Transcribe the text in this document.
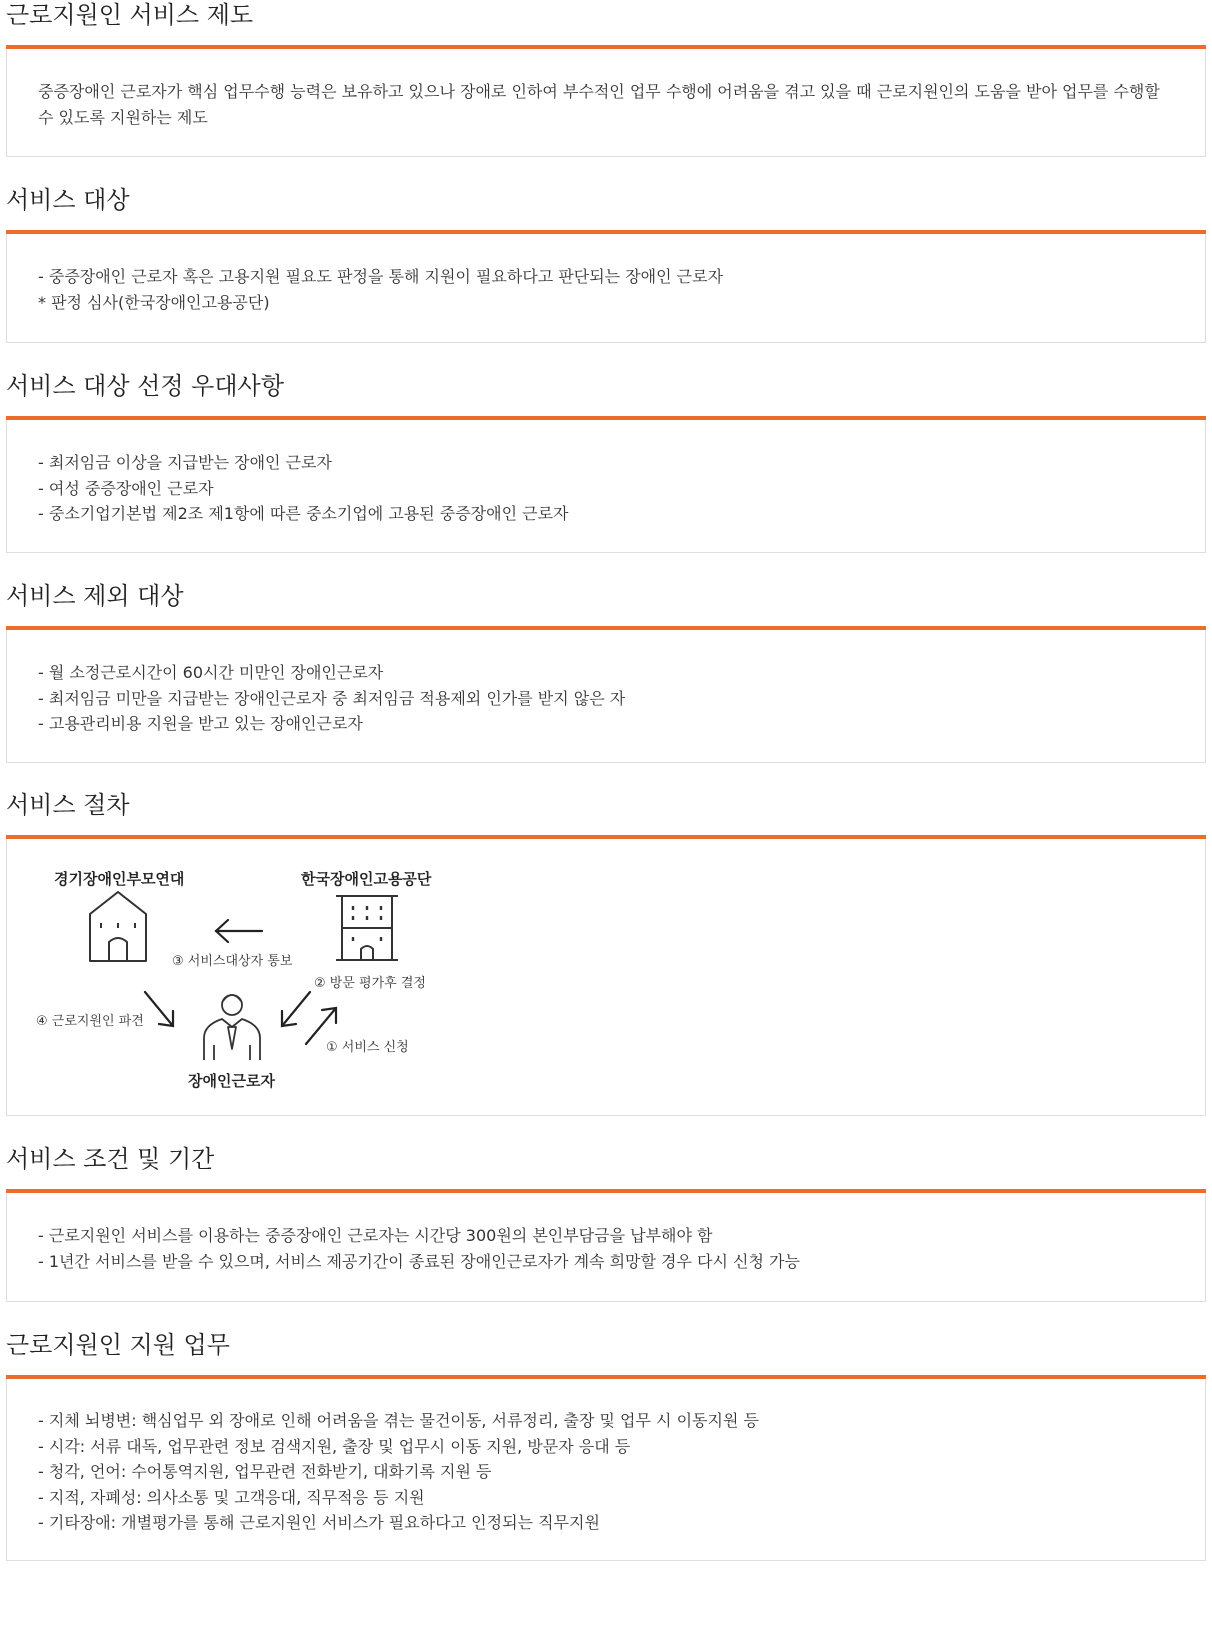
근로지원인 서비스 제도
중증장애인 근로자가 핵심 업무수행 능력은 보유하고 있으나 장애로 인하여 부수적인 업무 수행에 어려움을 겪고 있을 때 근로지원인의 도움을 받아 업무를 수행할 수 있도록 지원하는 제도
서비스 대상
- 중증장애인 근로자 혹은 고용지원 필요도 판정을 통해 지원이 필요하다고 판단되는 장애인 근로자
* 판정 심사(한국장애인고용공단)
서비스 대상 선정 우대사항
- 최저임금 이상을 지급받는 장애인 근로자
- 여성 중증장애인 근로자
- 중소기업기본법 제2조 제1항에 따른 중소기업에 고용된 중증장애인 근로자
서비스 제외 대상
- 월 소정근로시간이 60시간 미만인 장애인근로자
- 최저임금 미만을 지급받는 장애인근로자 중 최저임금 적용제외 인가를 받지 않은 자
- 고용관리비용 지원을 받고 있는 장애인근로자
서비스 절차
경기장애인부모연대	한국장애인고용공단
장애인근로자
③ 서비스대상자 통보
② 방문 평가후 결정
④ 근로지원인 파견
① 서비스 신청
서비스 조건 및 기간
- 근로지원인 서비스를 이용하는 중증장애인 근로자는 시간당 300원의 본인부담금을 납부해야 함
- 1년간 서비스를 받을 수 있으며, 서비스 제공기간이 종료된 장애인근로자가 계속 희망할 경우 다시 신청 가능
근로지원인 지원 업무
- 지체 뇌병변: 핵심업무 외 장애로 인해 어려움을 겪는 물건이동, 서류정리, 출장 및 업무 시 이동지원 등
- 시각: 서류 대독, 업무관련 정보 검색지원, 출장 및 업무시 이동 지원, 방문자 응대 등
- 청각, 언어: 수어통역지원, 업무관련 전화받기, 대화기록 지원 등
- 지적, 자폐성: 의사소통 및 고객응대, 직무적응 등 지원
- 기타장애: 개별평가를 통해 근로지원인 서비스가 필요하다고 인정되는 직무지원
